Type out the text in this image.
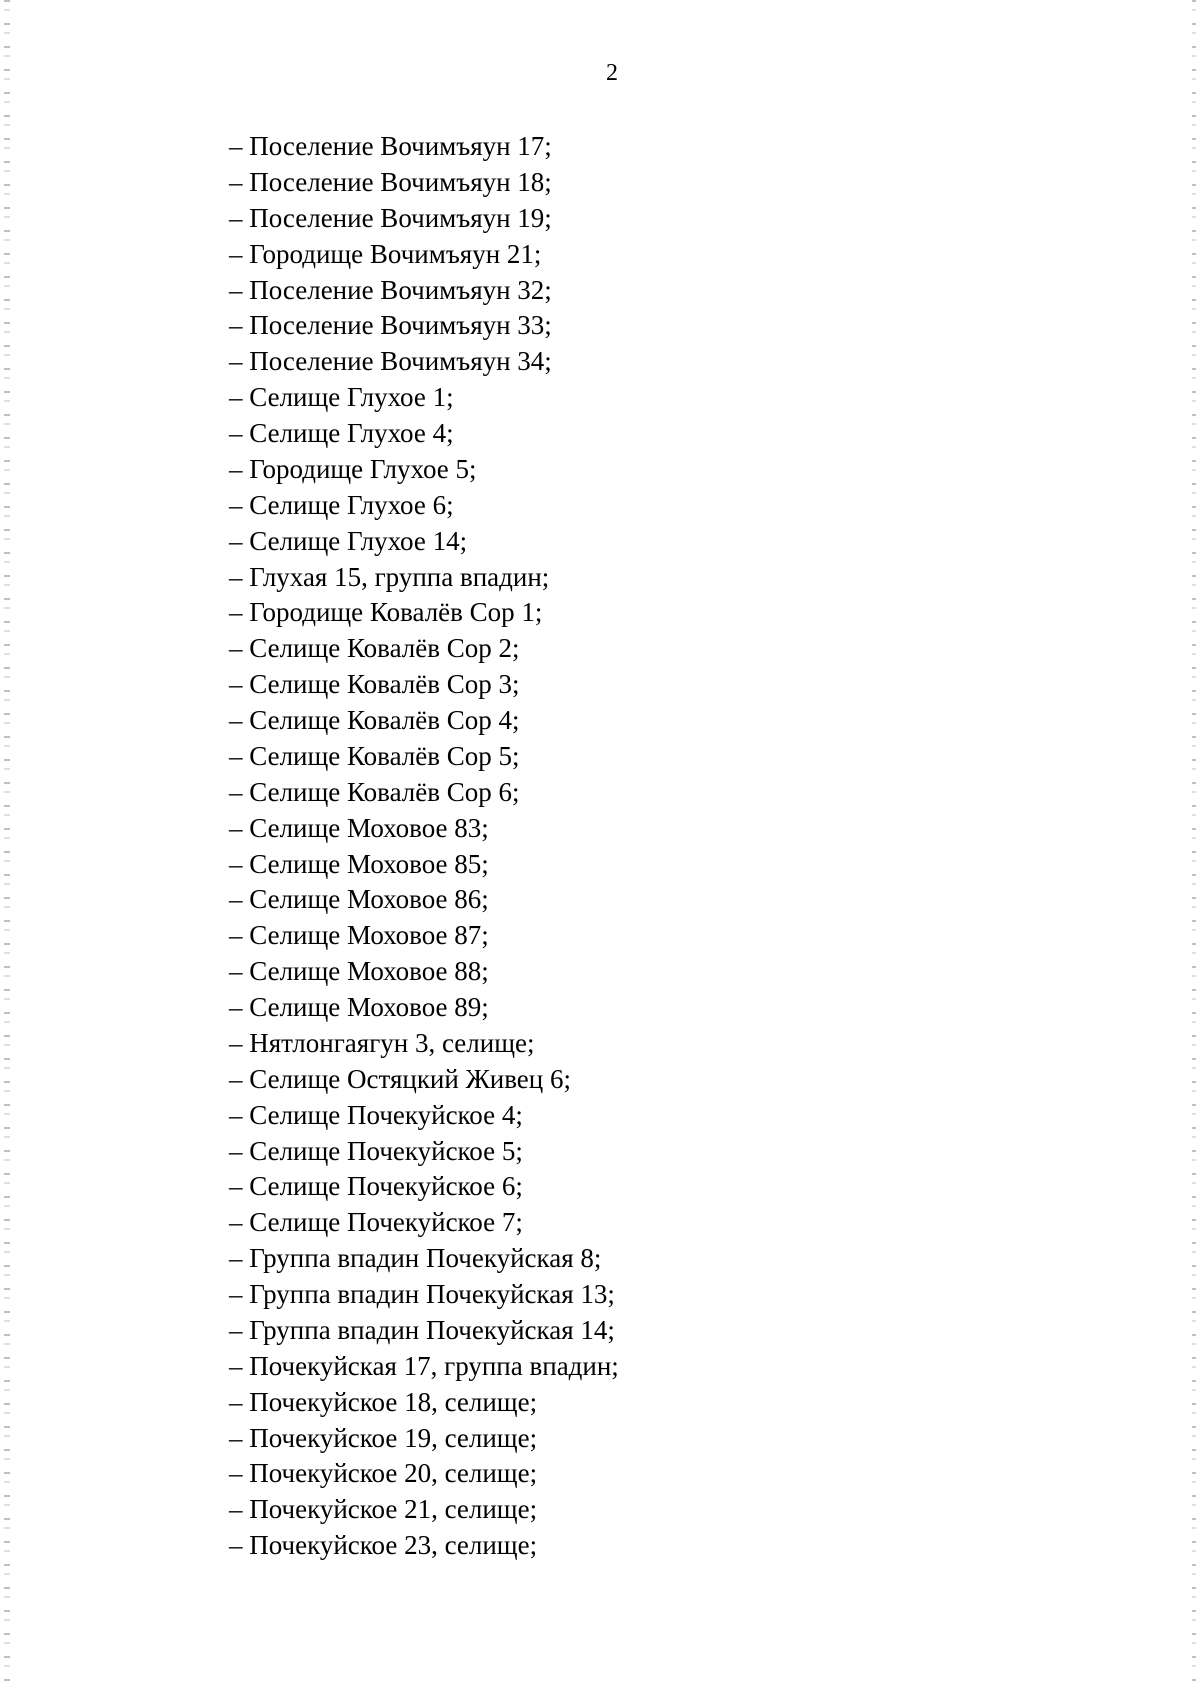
2
– Поселение Вочимъяун 17;
– Поселение Вочимъяун 18;
– Поселение Вочимъяун 19;
– Городище Вочимъяун 21;
– Поселение Вочимъяун 32;
– Поселение Вочимъяун 33;
– Поселение Вочимъяун 34;
– Селище Глухое 1;
– Селище Глухое 4;
– Городище Глухое 5;
– Селище Глухое 6;
– Селище Глухое 14;
– Глухая 15, группа впадин;
– Городище Ковалёв Сор 1;
– Селище Ковалёв Сор 2;
– Селище Ковалёв Сор 3;
– Селище Ковалёв Сор 4;
– Селище Ковалёв Сор 5;
– Селище Ковалёв Сор 6;
– Селище Моховое 83;
– Селище Моховое 85;
– Селище Моховое 86;
– Селище Моховое 87;
– Селище Моховое 88;
– Селище Моховое 89;
– Нятлонгаягун 3, селище;
– Селище Остяцкий Живец 6;
– Селище Почекуйское 4;
– Селище Почекуйское 5;
– Селище Почекуйское 6;
– Селище Почекуйское 7;
– Группа впадин Почекуйская 8;
– Группа впадин Почекуйская 13;
– Группа впадин Почекуйская 14;
– Почекуйская 17, группа впадин;
– Почекуйское 18, селище;
– Почекуйское 19, селище;
– Почекуйское 20, селище;
– Почекуйское 21, селище;
– Почекуйское 23, селище;
